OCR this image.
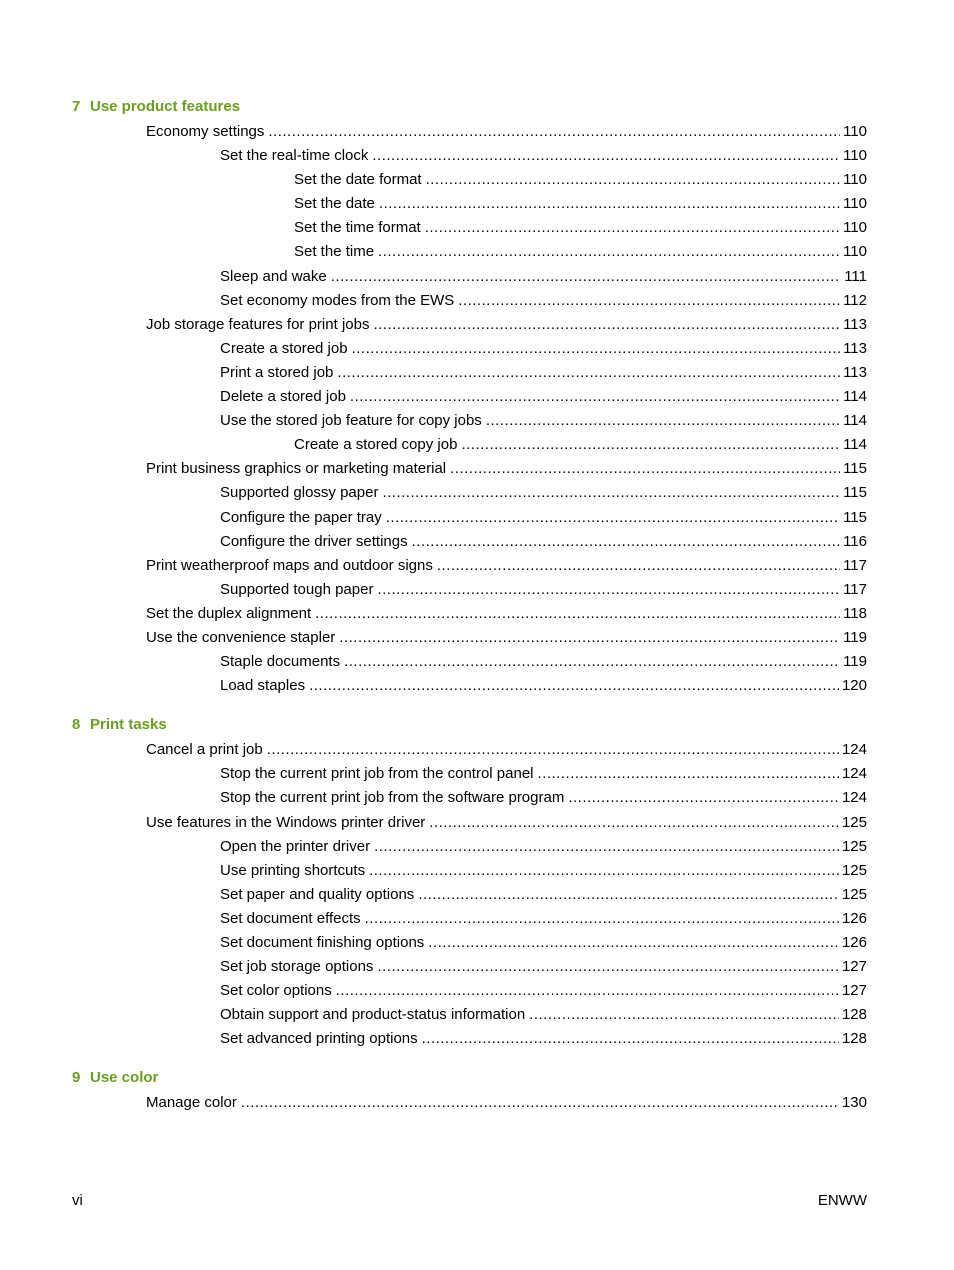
7 Use product features
Economy settings .....	110
Set the real-time clock .....	110
Set the date format .....	110
Set the date .....	110
Set the time format .....	110
Set the time .....	110
Sleep and wake .....	111
Set economy modes from the EWS .....	112
Job storage features for print jobs .....	113
Create a stored job .....	113
Print a stored job .....	113
Delete a stored job .....	114
Use the stored job feature for copy jobs .....	114
Create a stored copy job .....	114
Print business graphics or marketing material .....	115
Supported glossy paper .....	115
Configure the paper tray .....	115
Configure the driver settings .....	116
Print weatherproof maps and outdoor signs .....	117
Supported tough paper .....	117
Set the duplex alignment .....	118
Use the convenience stapler .....	119
Staple documents .....	119
Load staples .....	120
8 Print tasks
Cancel a print job .....	124
Stop the current print job from the control panel .....	124
Stop the current print job from the software program .....	124
Use features in the Windows printer driver .....	125
Open the printer driver .....	125
Use printing shortcuts .....	125
Set paper and quality options .....	125
Set document effects .....	126
Set document finishing options .....	126
Set job storage options .....	127
Set color options .....	127
Obtain support and product-status information .....	128
Set advanced printing options .....	128
9 Use color
Manage color .....	130
vi	ENWW
